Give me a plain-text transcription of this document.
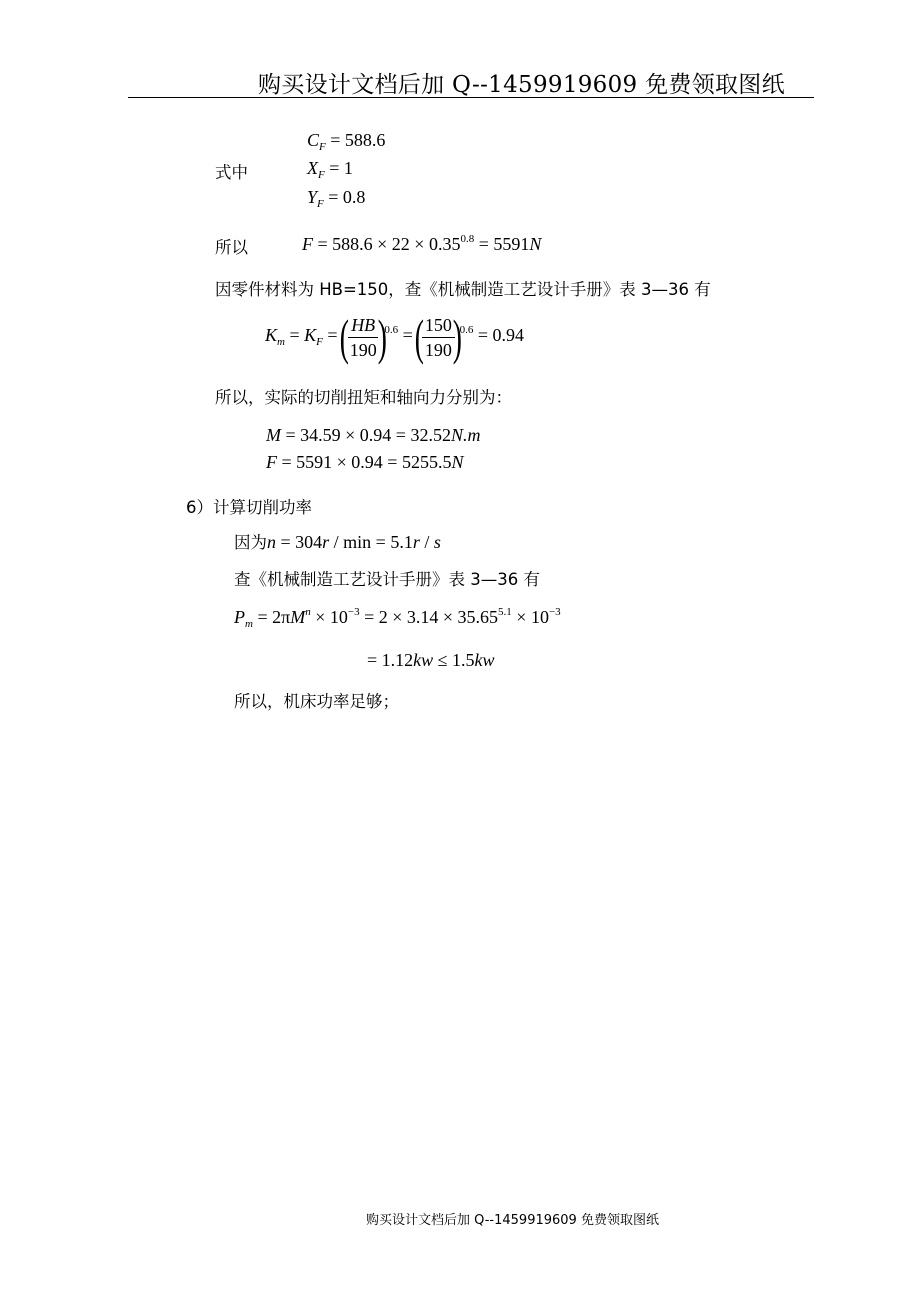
购买设计文档后加 Q--1459919609 免费领取图纸
$C_F = 588.6$
式中	$X_F = 1$
$Y_F = 0.8$
所以	$F = 588.6 \times 22 \times 0.35^{0.8} = 5591N$
因零件材料为 HB=150，查《机械制造工艺设计手册》表 3—36 有
$K_m = K_F$ =
(
$\frac{HB}{190}$
)
$^{0.6}$ =
(
$\frac{150}{190}$
)
$^{0.6}$ = 0.94
所以，实际的切削扭矩和轴向力分别为：
M = 34.59 × 0.94 = 32.52N.m
F = 5591 × 0.94 = 5255.5N
6）计算切削功率
因为n = 304r / min = 5.1r / s
查《机械制造工艺设计手册》表 3—36 有
$P_m = 2\pi M^n \times 10^{-3} = 2 \times 3.14 \times 35.65^{5.1} \times 10^{-3}$
= 1.12kw ≤ 1.5kw
所以，机床功率足够；
购买设计文档后加 Q--1459919609 免费领取图纸
